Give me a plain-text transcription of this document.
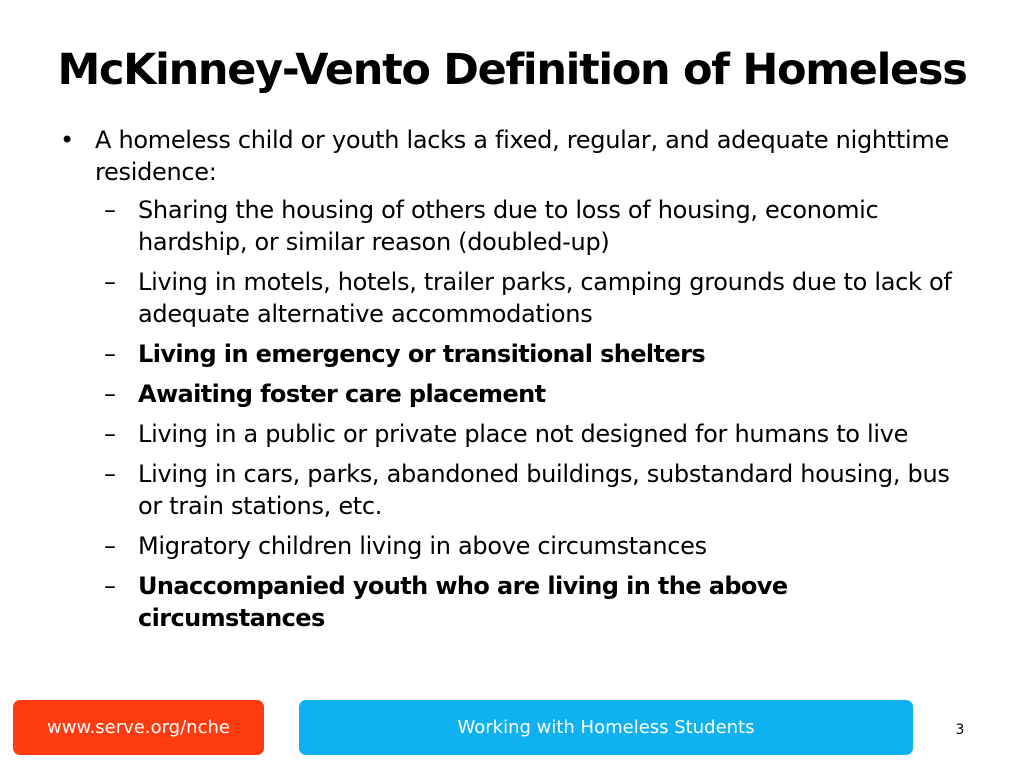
McKinney-Vento Definition of Homeless
• A homeless child or youth lacks a fixed, regular, and adequate nighttime residence:
– Sharing the housing of others due to loss of housing, economic hardship, or similar reason (doubled-up)
– Living in motels, hotels, trailer parks, camping grounds due to lack of adequate alternative accommodations
– Living in emergency or transitional shelters
– Awaiting foster care placement
– Living in a public or private place not designed for humans to live
– Living in cars, parks, abandoned buildings, substandard housing, bus or train stations, etc.
– Migratory children living in above circumstances
– Unaccompanied youth who are living in the above circumstances
www.serve.org/nche	Working with Homeless Students	3
